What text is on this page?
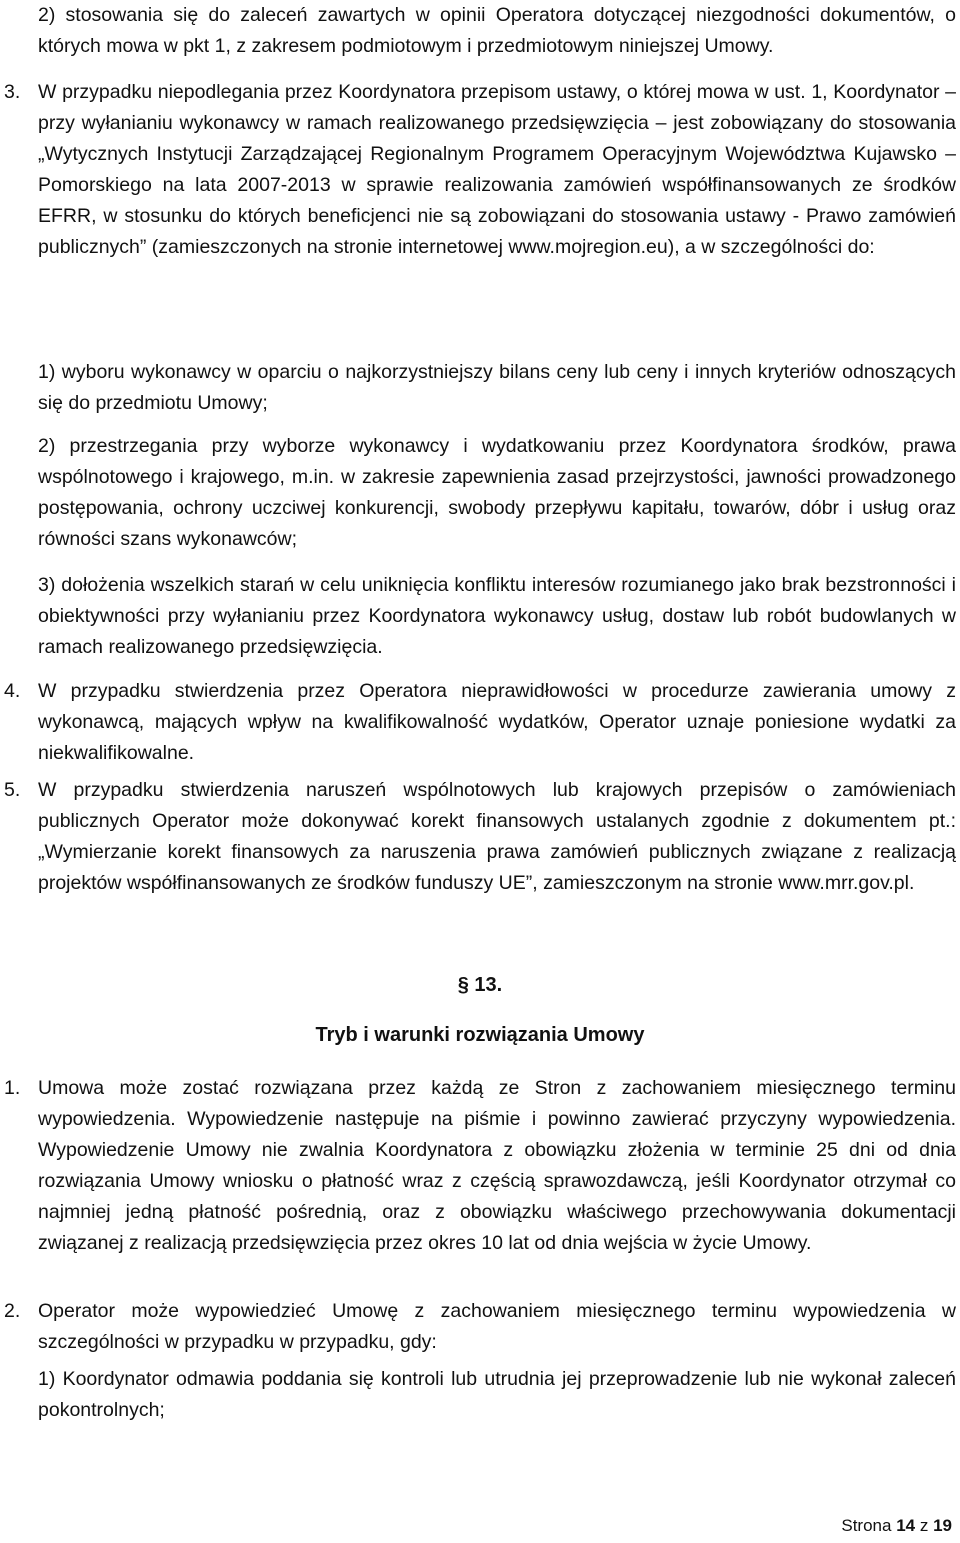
2) stosowania się do zaleceń zawartych w opinii Operatora dotyczącej niezgodności dokumentów, o których mowa w pkt 1, z zakresem podmiotowym i przedmiotowym niniejszej Umowy.
3. W przypadku niepodlegania przez Koordynatora przepisom ustawy, o której mowa w ust. 1, Koordynator – przy wyłanianiu wykonawcy w ramach realizowanego przedsięwzięcia – jest zobowiązany do stosowania „Wytycznych Instytucji Zarządzającej Regionalnym Programem Operacyjnym Województwa Kujawsko – Pomorskiego na lata 2007-2013 w sprawie realizowania zamówień współfinansowanych ze środków EFRR, w stosunku do których beneficjenci nie są zobowiązani do stosowania ustawy - Prawo zamówień publicznych” (zamieszczonych na stronie internetowej www.mojregion.eu), a w szczególności do:
1) wyboru wykonawcy w oparciu o najkorzystniejszy bilans ceny lub ceny i innych kryteriów odnoszących się do przedmiotu Umowy;
2) przestrzegania przy wyborze wykonawcy i wydatkowaniu przez Koordynatora środków, prawa wspólnotowego i krajowego, m.in. w zakresie zapewnienia zasad przejrzystości, jawności prowadzonego postępowania, ochrony uczciwej konkurencji, swobody przepływu kapitału, towarów, dóbr i usług oraz równości szans wykonawców;
3) dołożenia wszelkich starań w celu uniknięcia konfliktu interesów rozumianego jako brak bezstronności i obiektywności przy wyłanianiu przez Koordynatora wykonawcy usług, dostaw lub robót budowlanych w ramach realizowanego przedsięwzięcia.
4. W przypadku stwierdzenia przez Operatora nieprawidłowości w procedurze zawierania umowy z wykonawcą, mających wpływ na kwalifikowalność wydatków, Operator uznaje poniesione wydatki za niekwalifikowalne.
5. W przypadku stwierdzenia naruszeń wspólnotowych lub krajowych przepisów o zamówieniach publicznych Operator może dokonywać korekt finansowych ustalanych zgodnie z dokumentem pt.: „Wymierzanie korekt finansowych za naruszenia prawa zamówień publicznych związane z realizacją projektów współfinansowanych ze środków funduszy UE”, zamieszczonym na stronie www.mrr.gov.pl.
§ 13.
Tryb i warunki rozwiązania Umowy
1. Umowa może zostać rozwiązana przez każdą ze Stron z zachowaniem miesięcznego terminu wypowiedzenia. Wypowiedzenie następuje na piśmie i powinno zawierać przyczyny wypowiedzenia. Wypowiedzenie Umowy nie zwalnia Koordynatora z obowiązku złożenia w terminie 25 dni od dnia rozwiązania Umowy wniosku o płatność wraz z częścią sprawozdawczą, jeśli Koordynator otrzymał co najmniej jedną płatność pośrednią, oraz z obowiązku właściwego przechowywania dokumentacji związanej z realizacją przedsięwzięcia przez okres 10 lat od dnia wejścia w życie Umowy.
2. Operator może wypowiedzieć Umowę z zachowaniem miesięcznego terminu wypowiedzenia w szczególności w przypadku w przypadku, gdy:
1) Koordynator odmawia poddania się kontroli lub utrudnia jej przeprowadzenie lub nie wykonał zaleceń pokontrolnych;
Strona 14 z 19
